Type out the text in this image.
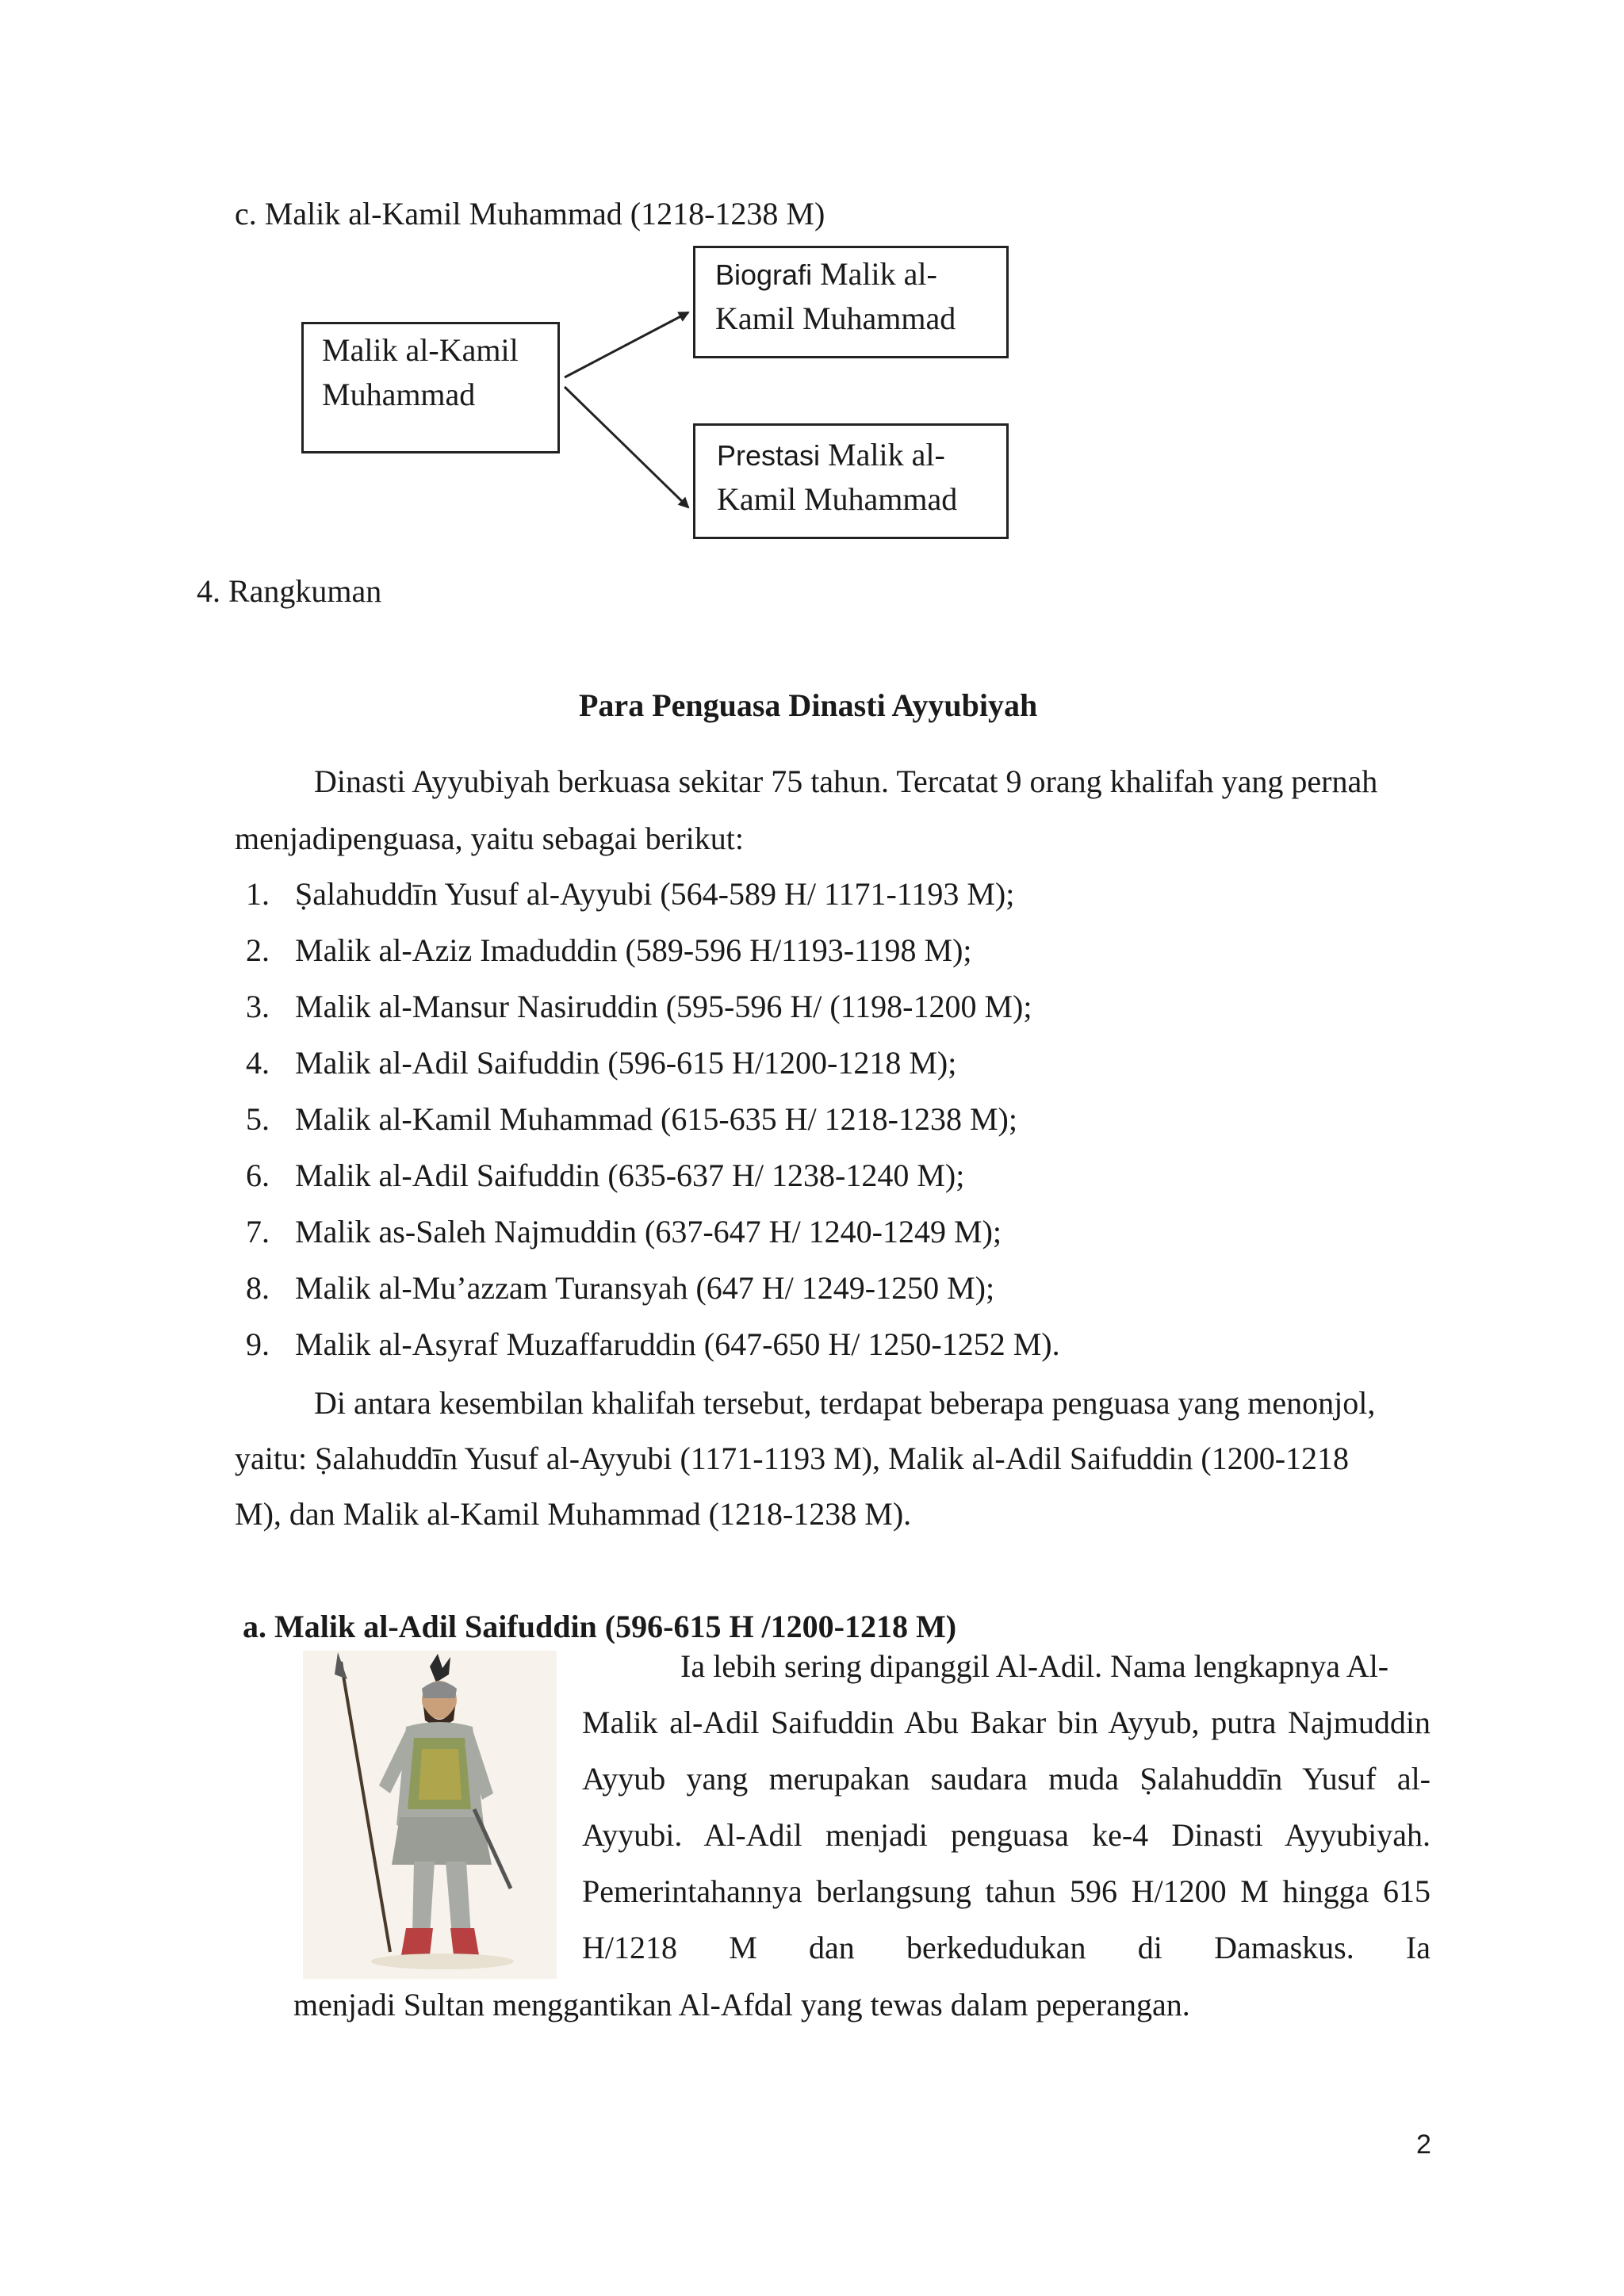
c. Malik al-Kamil Muhammad (1218-1238 M)
Malik al-Kamil
Muhammad
Biografi Malik al-
Kamil Muhammad
Prestasi Malik al-
Kamil Muhammad
4. Rangkuman
Para Penguasa Dinasti Ayyubiyah
Dinasti Ayyubiyah berkuasa sekitar 75 tahun. Tercatat 9 orang khalifah yang pernah
menjadipenguasa, yaitu sebagai berikut:
1. Ṣalahuddīn Yusuf al-Ayyubi (564-589 H/ 1171-1193 M);
2. Malik al-Aziz Imaduddin (589-596 H/1193-1198 M);
3. Malik al-Mansur Nasiruddin (595-596 H/ (1198-1200 M);
4. Malik al-Adil Saifuddin (596-615 H/1200-1218 M);
5. Malik al-Kamil Muhammad (615-635 H/ 1218-1238 M);
6. Malik al-Adil Saifuddin (635-637 H/ 1238-1240 M);
7. Malik as-Saleh Najmuddin (637-647 H/ 1240-1249 M);
8. Malik al-Mu’azzam Turansyah (647 H/ 1249-1250 M);
9. Malik al-Asyraf Muzaffaruddin (647-650 H/ 1250-1252 M).
Di antara kesembilan khalifah tersebut, terdapat beberapa penguasa yang menonjol,
yaitu: Ṣalahuddīn Yusuf al-Ayyubi (1171-1193 M), Malik al-Adil Saifuddin (1200-1218
M), dan Malik al-Kamil Muhammad (1218-1238 M).
a. Malik al-Adil Saifuddin (596-615 H /1200-1218 M)
Ia lebih sering dipanggil Al-Adil. Nama lengkapnya Al-

Malik al-Adil Saifuddin Abu Bakar bin Ayyub, putra Najmuddin Ayyub yang merupakan saudara muda Ṣalahuddīn Yusuf al-Ayyubi. Al-Adil menjadi penguasa ke-4 Dinasti Ayyubiyah. Pemerintahannya berlangsung tahun 596 H/1200 M hingga 615 H/1218 M dan berkedudukan di Damaskus. Ia

menjadi Sultan menggantikan Al-Afdal yang tewas dalam peperangan.
2
